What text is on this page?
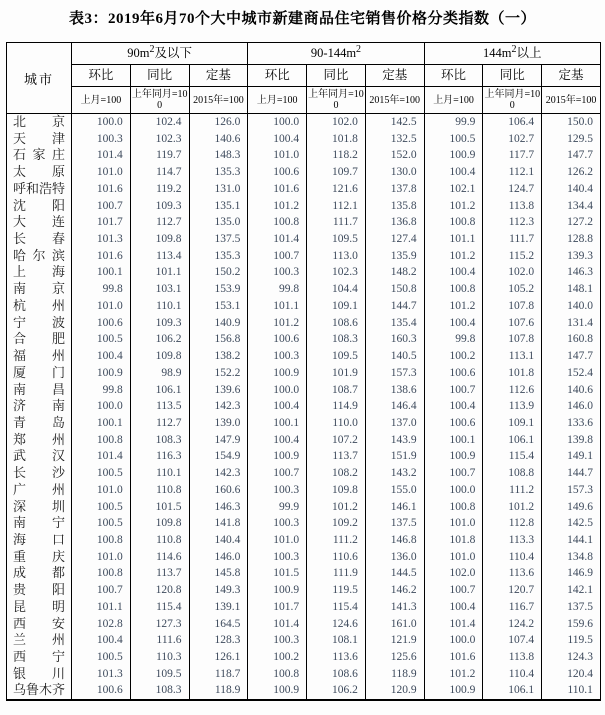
表3：2019年6月70个大中城市新建商品住宅销售价格分类指数（一）
城市	$90m^2$及以下			$90-144m^2$			$144m^2$以上		
	环比	同比	定基	环比	同比	定基	环比	同比	定基
	上月=100	上年同月=100	2015年=100	上月=100	上年同月=100	2015年=100	上月=100	上年同月=100	2015年=100
北　京	100.0	102.4	126.0	100.0	102.0	142.5	99.9	106.4	150.0
天　津	100.3	102.3	140.6	100.4	101.8	132.5	100.5	102.7	129.5
石家庄	101.4	119.7	148.3	101.0	118.2	152.0	100.9	117.7	147.7
太　原	101.0	114.7	135.3	100.6	109.7	130.0	100.4	112.1	126.2
呼和浩特	101.6	119.2	131.0	101.6	121.6	137.8	102.1	124.7	140.4
沈　阳	100.7	109.3	135.1	101.2	112.1	135.8	101.2	113.8	134.4
大　连	101.7	112.7	135.0	100.8	111.7	136.8	100.8	112.3	127.2
长　春	101.3	109.8	137.5	101.4	109.5	127.4	101.1	111.7	128.8
哈尔滨	101.6	113.4	135.3	100.7	113.0	135.9	101.2	115.2	139.3
上　海	100.1	101.1	150.2	100.3	102.3	148.2	100.4	102.0	146.3
南　京	99.8	103.1	153.9	99.8	104.4	150.8	100.8	105.2	148.1
杭　州	101.0	110.1	153.1	101.1	109.1	144.7	101.2	107.8	140.0
宁　波	100.6	109.3	140.9	101.2	108.6	135.4	100.4	107.6	131.4
合　肥	100.5	106.2	156.8	100.6	108.3	160.3	99.8	107.8	160.8
福　州	100.4	109.8	138.2	100.3	109.5	140.5	100.2	113.1	147.7
厦　门	100.9	98.9	152.2	100.9	101.9	157.3	100.6	101.8	152.4
南　昌	99.8	106.1	139.6	100.0	108.7	138.6	100.7	112.6	140.6
济　南	100.0	113.5	142.3	100.4	114.9	146.4	100.4	113.9	146.0
青　岛	100.1	112.7	139.0	100.1	110.0	137.0	100.6	109.1	133.6
郑　州	100.8	108.3	147.9	100.4	107.2	143.9	100.1	106.1	139.8
武　汉	101.4	116.3	154.9	100.9	113.7	151.9	100.9	115.4	149.1
长　沙	100.5	110.1	142.3	100.7	108.2	143.2	100.7	108.8	144.7
广　州	101.0	110.8	160.6	100.3	109.8	155.0	100.0	111.2	157.3
深　圳	100.5	101.5	146.3	99.9	101.2	146.1	100.8	101.2	149.6
南　宁	100.5	109.8	141.8	100.3	109.2	137.5	101.0	112.8	142.5
海　口	100.8	110.8	140.4	101.0	111.2	146.8	101.8	113.3	144.1
重　庆	101.0	114.6	146.0	100.3	110.6	136.0	101.0	110.4	134.8
成　都	100.8	113.7	145.8	101.5	111.9	144.5	102.0	113.6	146.9
贵　阳	100.7	120.8	149.3	100.9	119.5	146.2	100.7	120.7	142.1
昆　明	101.1	115.4	139.1	101.7	115.4	141.3	100.4	116.7	137.5
西　安	102.8	127.3	164.5	101.4	124.6	161.0	101.4	124.2	159.6
兰　州	100.4	111.6	128.3	100.3	108.1	121.9	100.0	107.4	119.5
西　宁	100.5	110.3	126.1	100.2	113.6	125.6	101.6	113.8	124.3
银　川	101.3	109.5	118.7	100.8	108.6	118.9	101.2	110.4	120.4
乌鲁木齐	100.6	108.3	118.9	100.9	106.2	120.9	100.9	106.1	110.1
